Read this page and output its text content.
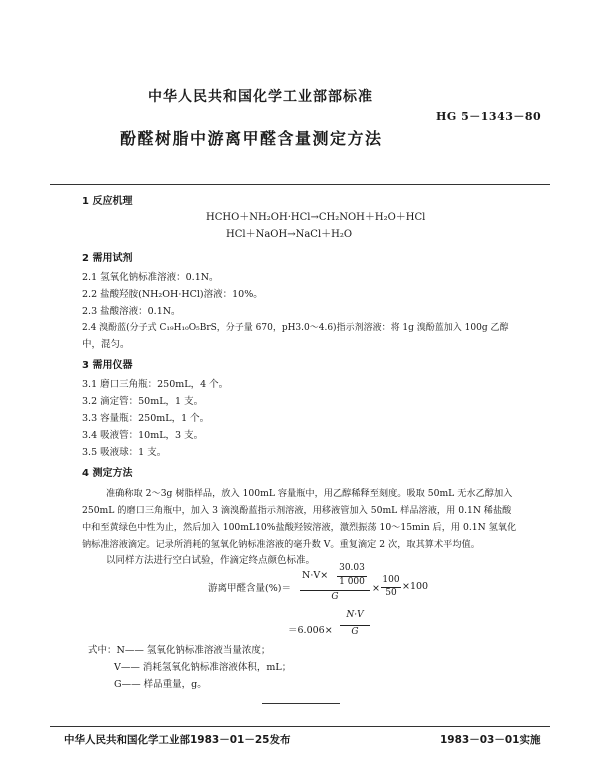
中华人民共和国化学工业部部标准
HG 5－1343－80
酚醛树脂中游离甲醛含量测定方法
1 反应机理
HCHO＋NH₂OH·HCl→CH₂NOH＋H₂O＋HCl
HCl＋NaOH→NaCl＋H₂O
2 需用试剂
2.1 氢氧化钠标准溶液：0.1N。
2.2 盐酸羟胺(NH₂OH·HCl)溶液：10%。
2.3 盐酸溶液：0.1N。
2.4 溴酚蓝(分子式 C₁₉H₁₀O₅BrS，分子量 670，pH3.0～4.6)指示剂溶液：将 1g 溴酚蓝加入 100g 乙醇
中，混匀。
3 需用仪器
3.1 磨口三角瓶：250mL，4 个。
3.2 滴定管：50mL，1 支。
3.3 容量瓶：250mL，1 个。
3.4 吸液管：10mL，3 支。
3.5 吸液球：1 支。
4 测定方法
准确称取 2～3g 树脂样品，放入 100mL 容量瓶中，用乙醇稀释至刻度。吸取 50mL 无水乙醇加入
250mL 的磨口三角瓶中，加入 3 滴溴酚蓝指示剂溶液，用移液管加入 50mL 样品溶液，用 0.1N 稀盐酸
中和至黄绿色中性为止，然后加入 100mL10%盐酸羟铵溶液，激烈振荡 10～15min 后，用 0.1N 氢氧化
钠标准溶液滴定。记录所消耗的氢氧化钠标准溶液的毫升数 V。重复滴定 2 次，取其算术平均值。
以同样方法进行空白试验，作滴定终点颜色标准。
游离甲醛含量(%)＝
N·V×
30.03
1 000
G
×
100
50
×100
＝6.006×
N·V
G
式中：N—— 氢氧化钠标准溶液当量浓度；
V—— 消耗氢氧化钠标准溶液体积，mL；
G—— 样品重量，g。
中华人民共和国化学工业部1983－01－25发布	1983－03－01实施
